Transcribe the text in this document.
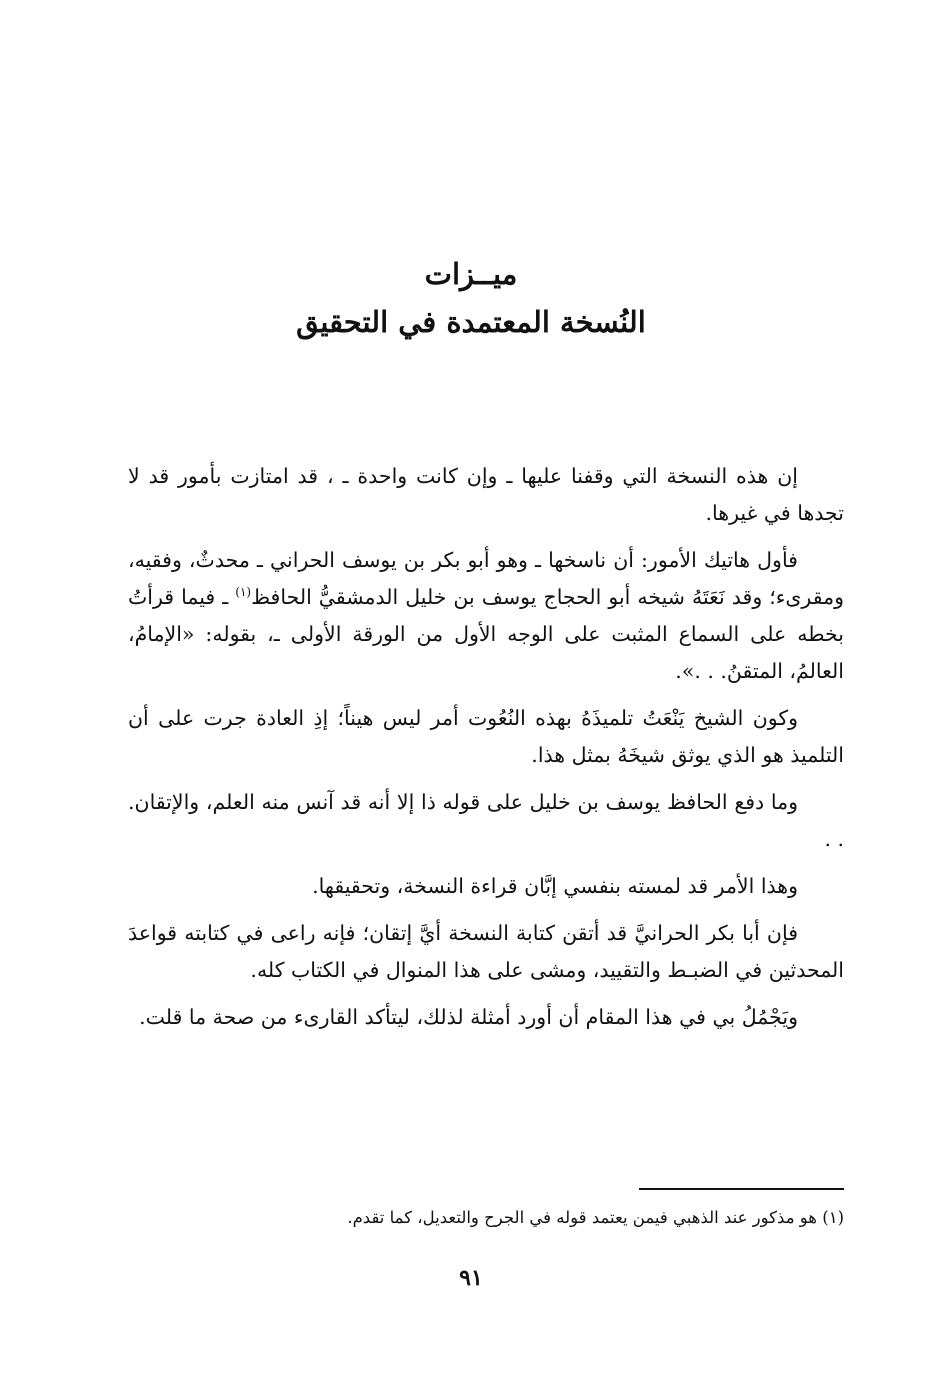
ميــزات

النُسخة المعتمدة في التحقيق

إن هذه النسخة التي وقفنا عليها ـ وإن كانت واحدة ـ ، قد امتازت بأمور قد لا تجدها في غيرها.

فأول هاتيك الأمور: أن ناسخها ـ وهو أبو بكر بن يوسف الحراني ـ محدثٌ، وفقيه، ومقرىء؛ وقد نَعَتَهُ شيخه أبو الحجاج يوسف بن خليل الدمشقيُّ الحافظ$^{(١)}$ ـ فيما قرأتُ بخطه على السماع المثبت على الوجه الأول من الورقة الأولى ـ، بقوله: «الإمامُ، العالمُ، المتقنُ. . .».

وكون الشيخ يَنْعَتُ تلميذَهُ بهذه النُعُوت أمر ليس هيناً؛ إذِ العادة جرت على أن التلميذ هو الذي يوثق شيخَهُ بمثل هذا.

وما دفع الحافظ يوسف بن خليل على قوله ذا إلا أنه قد آنس منه العلم، والإتقان. . .

وهذا الأمر قد لمسته بنفسي إبَّان قراءة النسخة، وتحقيقها.

فإن أبا بكر الحرانيَّ قد أتقن كتابة النسخة أيَّ إتقان؛ فإنه راعى في كتابته قواعدَ المحدثين في الضبـط والتقييد، ومشى على هذا المنوال في الكتاب كله.

ويَجْمُلُ بي في هذا المقام أن أورد أمثلة لذلك، ليتأكد القارىء من صحة ما قلت.

(١) هو مذكور عند الذهبي فيمن يعتمد قوله في الجرح والتعديل، كما تقدم.
٩١
